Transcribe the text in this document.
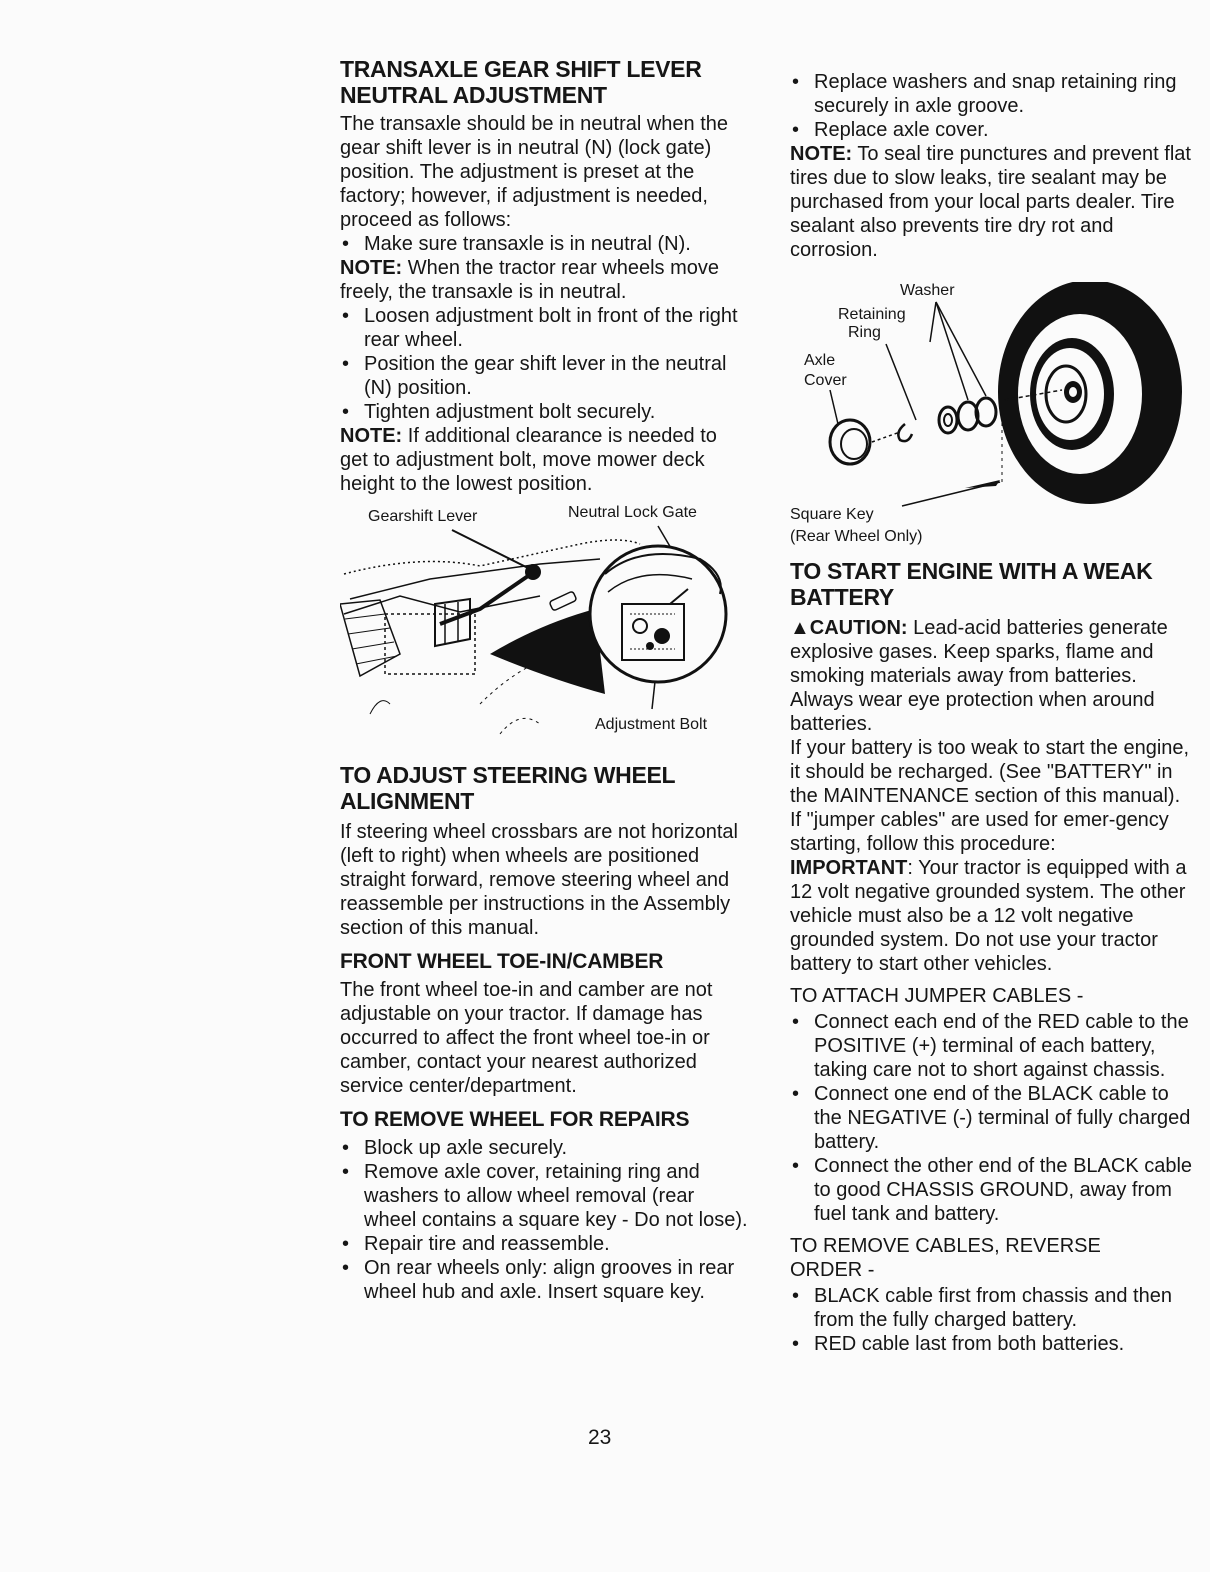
TRANSAXLE GEAR SHIFT LEVER
NEUTRAL ADJUSTMENT

The transaxle should be in neutral when the gear shift lever is in neutral (N) (lock gate) position. The adjustment is preset at the factory; however, if adjustment is needed, proceed as follows:

• Make sure transaxle is in neutral (N).

NOTE: When the tractor rear wheels move freely, the transaxle is in neutral.

• Loosen adjustment bolt in front of the right rear wheel.
• Position the gear shift lever in the neutral (N) position.
• Tighten adjustment bolt securely.

NOTE: If additional clearance is needed to get to adjustment bolt, move mower deck height to the lowest position.

Gearshift Lever	Neutral Lock Gate
Adjustment Bolt
TO ADJUST STEERING WHEEL
ALIGNMENT

If steering wheel crossbars are not horizontal (left to right) when wheels are positioned straight forward, remove steering wheel and reassemble per instructions in the Assembly section of this manual.

FRONT WHEEL TOE-IN/CAMBER

The front wheel toe-in and camber are not adjustable on your tractor. If damage has occurred to affect the front wheel toe-in or camber, contact your nearest authorized service center/department.

TO REMOVE WHEEL FOR REPAIRS
• Block up axle securely.
• Remove axle cover, retaining ring and washers to allow wheel removal (rear wheel contains a square key - Do not lose).
• Repair tire and reassemble.
• On rear wheels only: align grooves in rear wheel hub and axle. Insert square key.
• Replace washers and snap retaining ring securely in axle groove.
• Replace axle cover.

NOTE: To seal tire punctures and prevent flat tires due to slow leaks, tire sealant may be purchased from your local parts dealer. Tire sealant also prevents tire dry rot and corrosion.

Washer
Retaining
Ring
Axle
Cover
Square Key
(Rear Wheel Only)
TO START ENGINE WITH A WEAK
BATTERY

▲CAUTION: Lead-acid batteries generate explosive gases. Keep sparks, flame and smoking materials away from batteries. Always wear eye protection when around batteries.

If your battery is too weak to start the engine, it should be recharged. (See "BATTERY" in the MAINTENANCE section of this manual).

If "jumper cables" are used for emer-gency starting, follow this procedure:

IMPORTANT: Your tractor is equipped with a 12 volt negative grounded system. The other vehicle must also be a 12 volt negative grounded system. Do not use your tractor battery to start other vehicles.

TO ATTACH JUMPER CABLES -

• Connect each end of the RED cable to the POSITIVE (+) terminal of each battery, taking care not to short against chassis.
• Connect one end of the BLACK cable to the NEGATIVE (-) terminal of fully charged battery.
• Connect the other end of the BLACK cable to good CHASSIS GROUND, away from fuel tank and battery.

TO REMOVE CABLES, REVERSE ORDER -

• BLACK cable first from chassis and then from the fully charged battery.
• RED cable last from both batteries.
23
